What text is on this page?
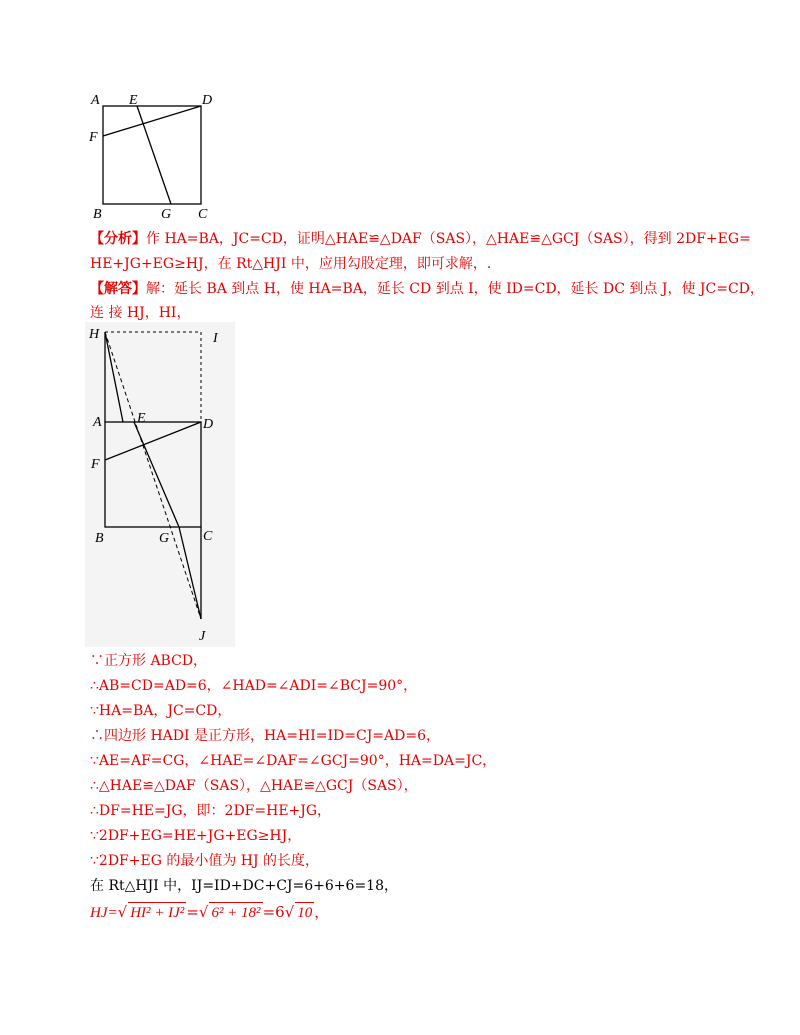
A E	D
F
B	G C
【分析】作 HA=BA，JC=CD，证明△HAE≌△DAF（SAS），△HAE≌△GCJ（SAS），得到 2DF+EG=
HE+JG+EG≥HJ，在 Rt△HJI 中，应用勾股定理，即可求解，.
【解答】解：延长 BA 到点 H，使 HA=BA，延长 CD 到点 I，使 ID=CD，延长 DC 到点 J，使 JC=CD，
连 接 HJ，HI，
H	I
A	E	D
F
B	G C
J
∵正方形 ABCD，
∴AB=CD=AD=6，∠HAD=∠ADI=∠BCJ=90°，
∵HA=BA，JC=CD，
∴四边形 HADI 是正方形，HA=HI=ID=CJ=AD=6，
∵AE=AF=CG，∠HAE=∠DAF=∠GCJ=90°，HA=DA=JC，
∴△HAE≌△DAF（SAS），△HAE≌△GCJ（SAS），
∴DF=HE=JG，即：2DF=HE+JG，
∵2DF+EG=HE+JG+EG≥HJ，
∵2DF+EG 的最小值为 HJ 的长度，
在 Rt△HJI 中，IJ=ID+DC+CJ=6+6+6=18，
HJ=√ HI² + IJ² =√ 6² + 18² =6√ 10 ，
